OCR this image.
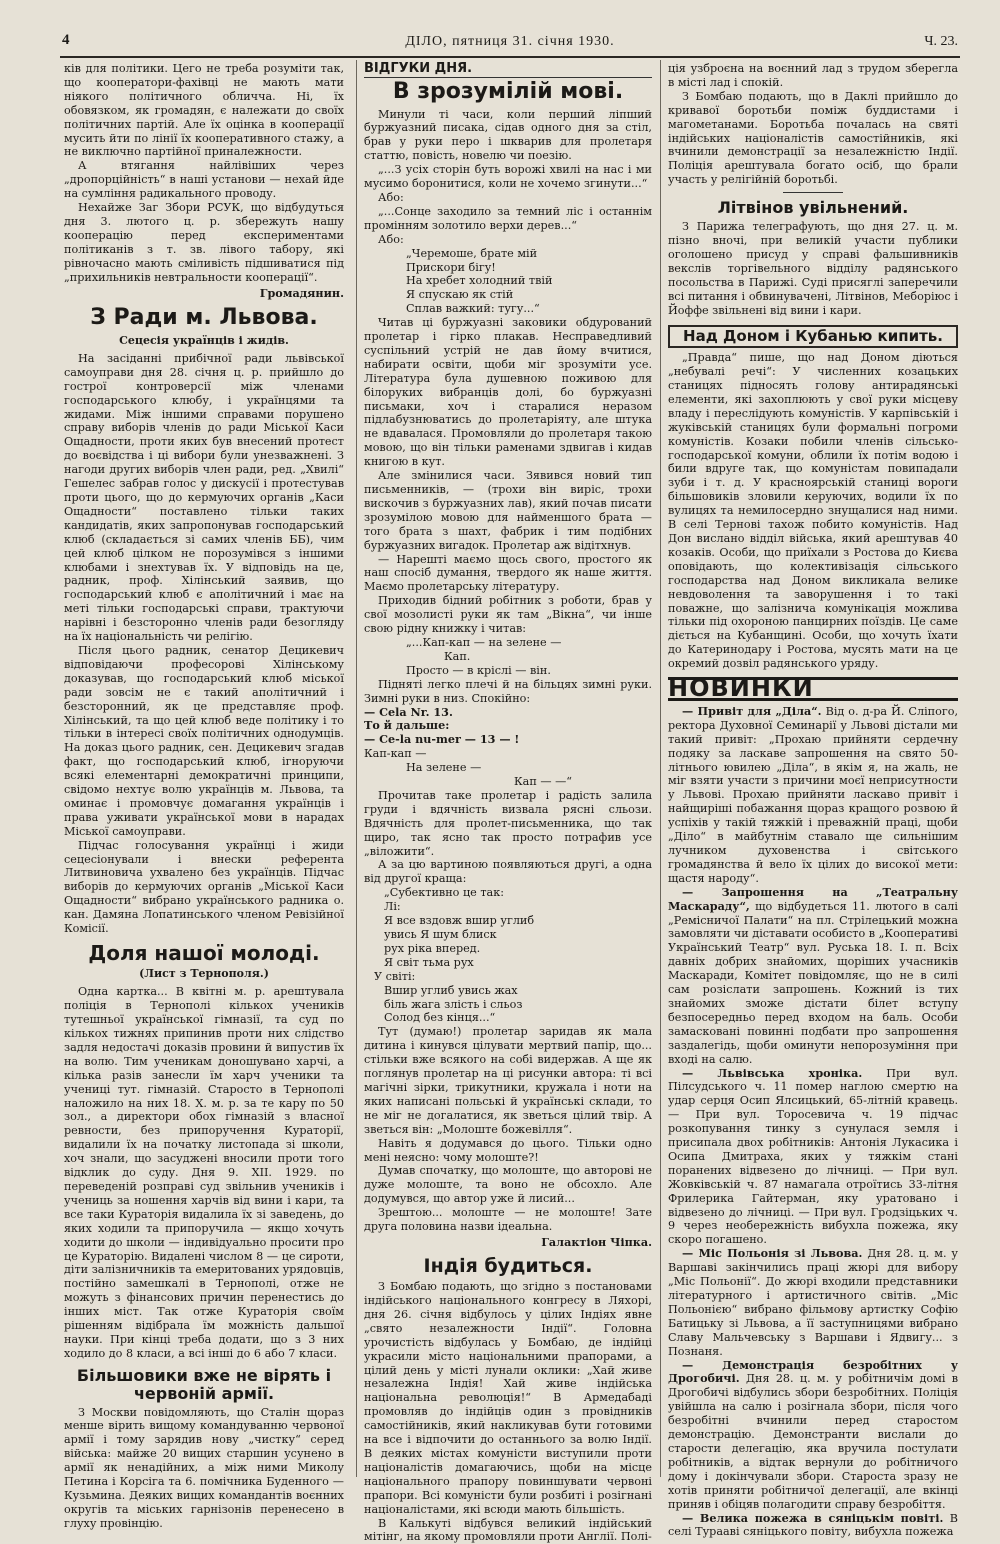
4	ДІЛО, пятниця 31. січня 1930.	Ч. 23.

ків для політики. Цего не треба розуміти так, що кооператори-фахівці не мають мати ніякого політичного обличча. Ні, їх обовязком, як громадян, є належати до своїх політичних партій. Але їх оцінка в кооперації мусить йти по лінії їх кооперативного стажу, а не виключно партійної приналежности.

А втягання найлівіших через „дропорційність“ в наші установи — нехай йде на сумління радикального проводу.

Нехайже Заг Збори РСУК, що відбудуться дня 3. лютого ц. р. збережуть нашу кооперацію перед експериментами політиканів з т. зв. лівого табору, які рівночасно мають сміливість підшиватися під „прихильників невтральности кооперації“.

Громадянин.

З Ради м. Львова.
Сецесія українців і жидів.

На засіданні прибічної ради львівської самоуправи дня 28. січня ц. р. прийшло до гострої контроверсії між членами господарського клюбу, і українцями та жидами. Між іншими справами порушено справу виборів членів до ради Міської Каси Ощадности, проти яких був внесений протест до воєвідства і ці вибори були унезважнені. З нагоди других виборів член ради, ред. „Хвилі“ Гешелес забрав голос у дискусії і протестував проти цього, що до кермуючих органів „Каси Ощадности“ поставлено тільки таких кандидатів, яких запропонував господарський клюб (складається зі самих членів ББ), чим цей клюб цілком не порозумівся з іншими клюбами і знехтував їх. У відповідь на це, радник, проф. Хілінський заявив, що господарський клюб є аполітичний і має на меті тільки господарські справи, трактуючи нарівні і безсторонно членів ради безогляду на їх національність чи релігію.

Після цього радник, сенатор Децикевич відповідаючи професорові Хілінському доказував, що господарський клюб міської ради зовсім не є такий аполітичний і безсторонний, як це представляє проф. Хілінський, та що цей клюб веде політику і то тільки в інтересі своїх політичних однодумців. На доказ цього радник, сен. Децикевич згадав факт, що господарський клюб, ігноруючи всякі елементарні демократичні принципи, свідомо нехтує волю українців м. Львова, та оминає і промовчує домагання українців і права уживати української мови в нарадах Міської самоуправи.

Підчас голосування українці і жиди сецесіонували і внески референта Литвиновича ухвалено без українців. Підчас виборів до кермуючих органів „Міської Каси Ощадности“ вибрано українського радника о. кан. Дамяна Лопатинського членом Ревізійної Комісії.

Доля нашої молоді.
(Лист з Тернополя.)

Одна картка... В квітні м. р. арештувала поліція в Тернополі кількох учеників тутешньої української гімназії, та суд по кількох тижнях припинив проти них слідство задля недостачі доказів провини й випустив їх на волю. Тим ученикам доношувано харчі, а кілька разів занесли їм харч ученики та учениці тут. гімназій. Старосто в Тернополі наложило на них 18. X. м. р. за те кару по 50 зол., а директори обох гімназій з власної ревности, без припоручення Кураторії, видалили їх на початку листопада зі школи, хоч знали, що засуджені вносили проти того відклик до суду. Дня 9. XII. 1929. по переведеній розправі суд звільнив учеників і учениць за ношення харчів від вини і кари, та все таки Кураторія видалила їх зі заведень, до яких ходили та припоручила — якщо хочуть ходити до школи — індивідуально просити про це Кураторію. Видалені числом 8 — це сироти, діти залізничників та емеритованих урядовців, постійно замешкалі в Тернополі, отже не можуть з фінансових причин перенестись до інших міст. Так отже Кураторія своїм рішенням відібрала їм можність дальшої науки. При кінці треба додати, що з 3 них ходило до 8 класи, а всі інші до 6 або 7 класи.

Більшовики вже не вірять і червоній армії.

З Москви повідомляють, що Сталін щораз менше вірить вищому командуванню червоної армії і тому зарядив нову „чистку“ серед війська: майже 20 вищих старшин усунено в армії як ненадійних, а між ними Миколу Петина і Корсіга та 6. помічника Буденного — Кузьмина. Деяких вищих командантів воєнних округів та міських гарнізонів перенесено в глуху провінцію.

ВІДГУКИ ДНЯ.
В зрозумілій мові.

Минули ті часи, коли перший ліпший буржуазний писака, сідав одного дня за стіл, брав у руки перо і шкварив для пролетаря статтю, повість, новелю чи поезію.

„...З усіх сторін буть ворожі хвилі на нас і ми мусимо боронитися, коли не хочемо згинути...“

Або:

„...Сонце заходило за темний ліс і останнім промінням золотило верхи дерев...“

Або:

„Черемоше, брате мій

Прискори бігу!

На хребет холодний твій

Я спускаю як стій

Сплав важкий: тугу...“

Читав ці буржуазні заковики обдурований пролетар і гірко плакав. Несправедливий суспільний устрій не дав йому вчитися, набирати освіти, щоби міг зрозуміти усе. Література була душевною поживою для білоруких вибранців долі, бо буржуазні письмаки, хоч і старалися неразом підлабузнюватись до пролетаріяту, але штука не вдавалася. Промовляли до пролетаря такою мовою, що він тільки раменами здвигав і кидав книгою в кут.

Але змінилися часи. Зявився новий тип письменників, — (трохи він виріс, трохи вискочив з буржуазних лав), який почав писати зрозумілою мовою для найменшого брата — того брата з шахт, фабрик і тим подібних буржуазних вигадок. Пролетар аж відітхнув.

— Нарешті маємо щось свого, простого як наш спосіб думання, твердого як наше життя. Маємо пролетарську літературу.

Приходив бідний робітник з роботи, брав у свої мозолисті руки як там „Вікна“, чи інше свою рідну книжку і читав:

„...Кап-кап — на зелене —

Кап.

Просто — в кріслі — він.

Підняті легко плечі й на більцях зимні руки. Зимні руки в низ. Спокійно:

— Cela Nr. 13.

То й дальше:

— Ce-la nu-mer — 13 — !

Кап-кап —

На зелене —

Кап — —“

Прочитав таке пролетар і радість залила груди і вдячність визвала рясні сльози. Вдячність для пролет-письменника, що так щиро, так ясно так просто потрафив усе „віложити“.

А за цю вартиною появляються другі, а одна від другої краща:

„Субективно це так:

Лі:

Я все вздовж вшир углиб

увись Я шум блиск

рух ріка вперед.

Я світ тьма рух

У світі:

Вшир углиб увись жах

біль жага злість і сльоз

Солод без кінця...“

Тут (думаю!) пролетар заридав як мала дитина і кинувся цілувати мертвий папір, що... стільки вже всякого на собі видержав. А ще як поглянув пролетар на ці рисунки автора: ті всі магічні зірки, трикутники, кружала і ноти на яких написані польські й українські склади, то не міг не догалатися, як зветься цілий твір. А зветься він: „Молоште божевілля“.

Навіть я додумався до цього. Тільки одно мені неясно: чому молоште?!

Думав спочатку, що молоште, що авторові не дуже молоште, та воно не обсохло. Але додумувся, що автор уже й лисий...

Зрештою... молоште — не молоште! Зате друга половина назви ідеальна.

Галактіон Чіпка.

Індія будиться.

З Бомбаю подають, що згідно з постановами індійського національного конгресу в Ляхорі, дня 26. січня відбулось у цілих Індіях явне „свято незалежности Індії“. Головна урочистість відбулась у Бомбаю, де індійці украсили місто національними прапорами, а цілий день у місті лунали оклики: „Хай живе незалежна Індія! Хай живе індійська національна революція!“ В Армедабаді промовляв до індійців один з провідників самостійників, який накликував бути готовими на все і відпочити до останнього за волю Індії. В деяких містах комуністи виступили проти націоналістів домагаючись, щоби на місце національного прапору повиншувати червоні прапори. Всі комуністи були розбиті і розігнані націоналістами, які всюди мають більшість.

В Калькуті відбувся великий індійський мітінг, на якому промовляли проти Англії. Полі-

ція узброєна на воєнний лад з трудом зберегла в місті лад і спокій.

З Бомбаю подають, що в Даклі прийшло до кривавої боротьби поміж буддистами і магометанами. Боротьба почалась на святі індійських націоналістів самостійників, які вчинили демонстрації за незалежністю Індії. Поліція арештувала богато осіб, що брали участь у релігійній боротьбі.

Літвінов увільнений.

З Парижа телеграфують, що дня 27. ц. м. пізно вночі, при великій участи публики оголошено присуд у справі фальшивників векслів торгівельного відділу радянського посольства в Парижі. Суді присяглі заперечили всі питання і обвинувачені, Літвінов, Меборіюс і Йоффе звільнені від вини і кари.

Над Доном і Кубанью кипить.

„Правда“ пише, що над Доном діються „небувалі речі“: У численних козацьких станицях підносять голову антирадянські елементи, які захоплюють у свої руки місцеву владу і переслідують комуністів. У карпівській і жуківській станицях були формальні погроми комуністів. Козаки побили членів сільсько-господарської комуни, облили їх потім водою і били вдруге так, що комуністам повипадали зуби і т. д. У красноярській станиці вороги більшовиків зловили керуючих, водили їх по вулицях та немилосердно знущалися над ними. В селі Тернові тахож побито комуністів. Над Дон вислано відділ війська, який арештував 40 козаків. Особи, що приїхали з Ростова до Києва оповідають, що колективізація сільського господарства над Доном викликала велике невдоволення та заворушення і то такі поважне, що залізнича комунікація можлива тільки під охороною панцирних поїздів. Це саме діється на Кубанщині. Особи, що хочуть їхати до Катеринодару і Ростова, мусять мати на це окремий дозвіл радянського уряду.

НОВИНКИ

— Привіт для „Діла“. Від о. д-ра Й. Сліпого, ректора Духовної Семинарії у Львові дістали ми такий привіт: „Прохаю прийняти сердечну подяку за ласкаве запрошення на свято 50-літнього ювилею „Діла“, в якім я, на жаль, не міг взяти участи з причини моєї неприсутности у Львові. Прохаю прийняти ласкаво привіт і найщиріші побажання щораз кращого розвою й успіхів у такій тяжкій і преважній праці, щоби „Діло“ в майбутнім ставало ще сильнішим лучником духовенства і світського громадянства й вело їх цілих до високої мети: щастя народу“.

— Запрошення на „Театральну Маскараду“, що відбудеться 11. лютого в салі „Ремісничої Палати“ на пл. Стрілецький можна замовляти чи діставати особисто в „Кооперативі Український Театр“ вул. Руська 18. I. п. Всіх давніх добрих знайомих, щоріших учасників Маскаради, Комітет повідомляє, що не в силі сам розіслати запрошень. Кожний із тих знайомих зможе дістати білет вступу безпосередньо перед входом на баль. Особи замасковані повинні подбати про запрошення заздалегідь, щоби оминути непорозуміння при вході на салю.

— Львівська хроніка. При вул. Пілсудського ч. 11 помер наглою смертю на удар серця Осип Ялсицький, 65-літній кравець. — При вул. Торосевича ч. 19 підчас розкопування тинку з сунулася земля і присипала двох робітників: Антонія Лукасика і Осипа Дмитраха, яких у тяжкім стані поранених відвезено до лічниці. — При вул. Жовківській ч. 87 намагала отроїтись 33-літня Фрилерика Гайтерман, яку уратовано і відвезено до лічниці. — При вул. Гродзіцьких ч. 9 через необережність вибухла пожежа, яку скоро погашено.

— Міс Польонія зі Львова. Дня 28. ц. м. у Варшаві закінчились праці жюрі для вибору „Міс Польонії“. До жюрі входили представники літературного і артистичного світів. „Міс Польонією“ вибрано фільмову артистку Софію Батицьку зі Львова, а її заступницями вибрано Славу Мальчевську з Варшави і Ядвигу... з Познаня.

— Демонстрація безробітних у Дрогобичі. Дня 28. ц. м. у робітничім домі в Дрогобичі відбулись збори безробітних. Поліція увійшла на салю і розігнала збори, після чого безробітні вчинили перед старостом демонстрацію. Демонстранти вислали до старости делегацію, яка вручила постулати робітників, а відтак вернули до робітничого дому і докінчували збори. Староста зразу не хотів приняти робітничої делегації, але вкінці приняв і обіцяв полагодити справу безробіття.

— Велика пожежа в сяніцькім повіті. В селі Турааві сяніцького повіту, вибухла пожежа
